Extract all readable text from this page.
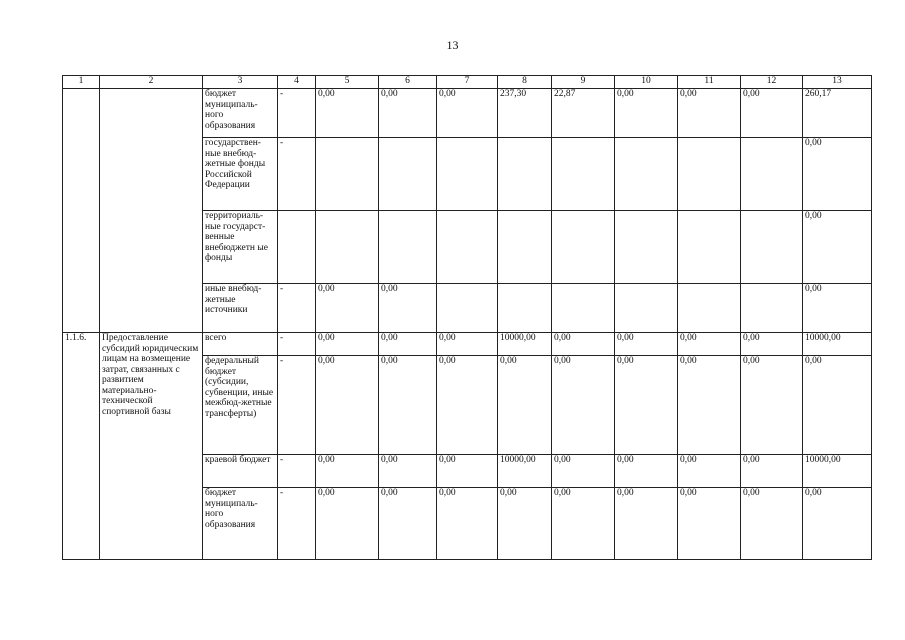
13
1	2	3	4	5	6	7	8	9	10	11	12	13
		бюджет муниципаль-ного образования	-	0,00	0,00	0,00	237,30	22,87	0,00	0,00	0,00	260,17
		государствен-ные внебюд-жетные фонды Российской Федерации	-									0,00
		территориаль-ные государст-венные внебюджетн ые фонды										0,00
		иные внебюд-жетные источники	-	0,00	0,00							0,00
1.1.6.	Предоставление субсидий юридическим лицам на возмещение затрат, связанных с развитием материально-технической спортивной базы	всего	-	0,00	0,00	0,00	10000,00	0,00	0,00	0,00	0,00	10000,00
		федеральный бюджет (субсидии, субвенции, иные межбюд-жетные трансферты)	-	0,00	0,00	0,00	0,00	0,00	0,00	0,00	0,00	0,00
		краевой бюджет	-	0,00	0,00	0,00	10000,00	0,00	0,00	0,00	0,00	10000,00
		бюджет муниципаль-ного образования	-	0,00	0,00	0,00	0,00	0,00	0,00	0,00	0,00	0,00
